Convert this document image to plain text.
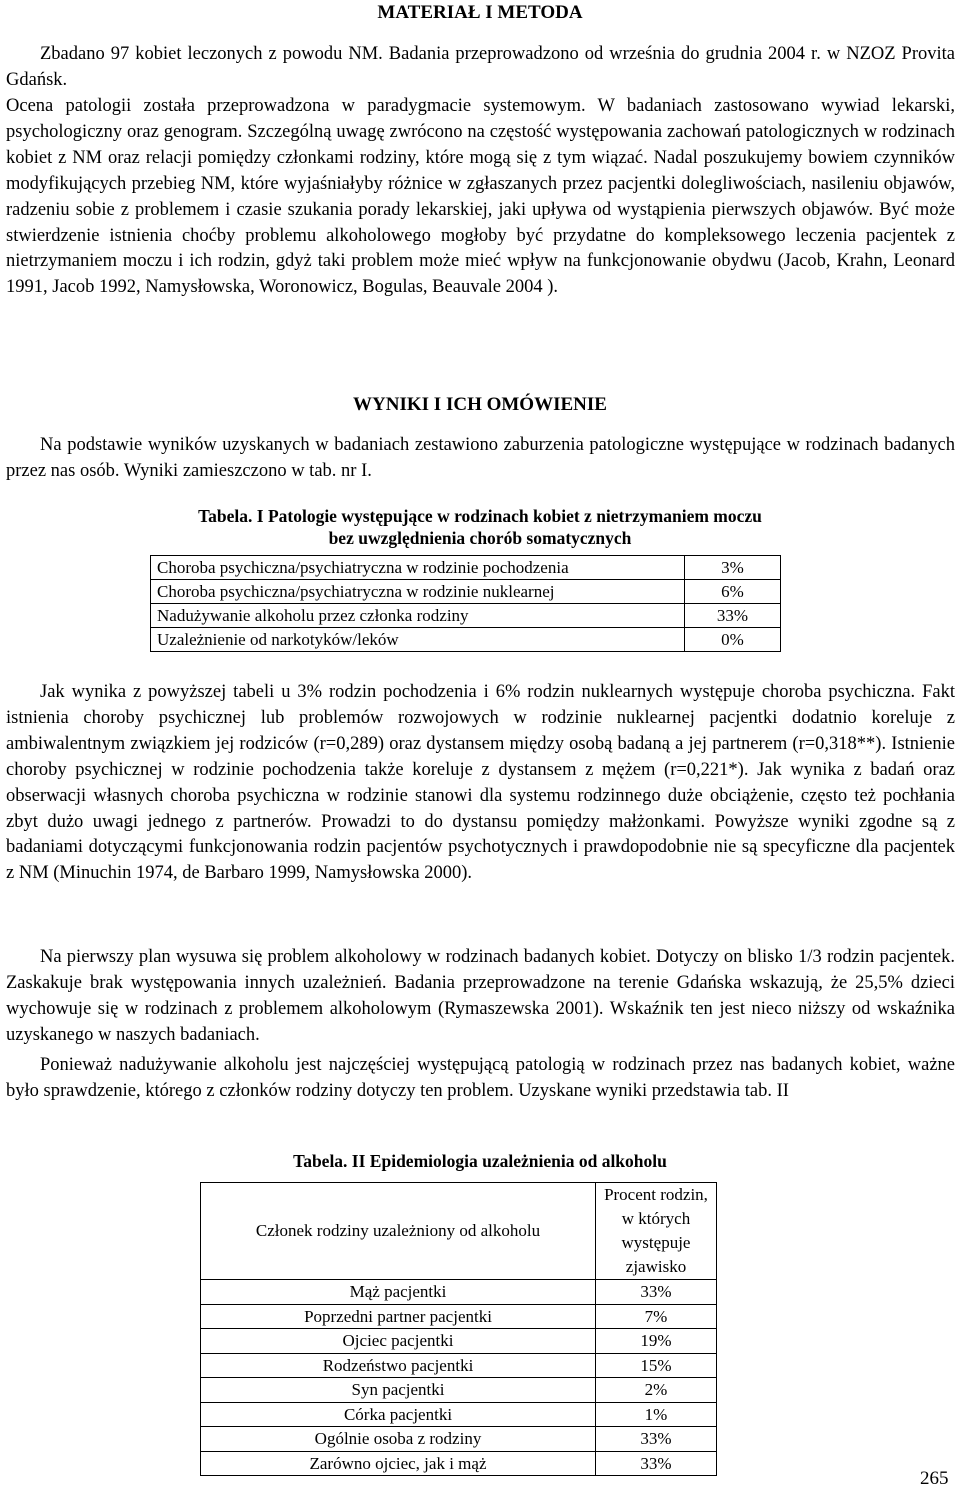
MATERIAŁ I METODA

Zbadano 97 kobiet leczonych z powodu NM. Badania przeprowadzono od września do grudnia 2004 r. w NZOZ Provita Gdańsk.

Ocena patologii została przeprowadzona w paradygmacie systemowym. W badaniach zastosowano wywiad lekarski, psychologiczny oraz genogram. Szczególną uwagę zwrócono na częstość występowania zachowań patologicznych w rodzinach kobiet z NM oraz relacji pomiędzy członkami rodziny, które mogą się z tym wiązać. Nadal poszukujemy bowiem czynników modyfikujących przebieg NM, które wyjaśniałyby różnice w zgłaszanych przez pacjentki dolegliwościach, nasileniu objawów, radzeniu sobie z problemem i czasie szukania porady lekarskiej, jaki upływa od wystąpienia pierwszych objawów. Być może stwierdzenie istnienia choćby problemu alkoholowego mogłoby być przydatne do kompleksowego leczenia pacjentek z nietrzymaniem moczu i ich rodzin, gdyż taki problem może mieć wpływ na funkcjonowanie obydwu (Jacob, Krahn, Leonard 1991, Jacob 1992, Namysłowska, Woronowicz, Bogulas, Beauvale 2004 ).

WYNIKI I ICH OMÓWIENIE

Na podstawie wyników uzyskanych w badaniach zestawiono zaburzenia patologiczne występujące w rodzinach badanych przez nas osób. Wyniki zamieszczono w tab. nr I.

Tabela. I Patologie występujące w rodzinach kobiet z nietrzymaniem moczu

bez uwzględnienia chorób somatycznych

Choroba psychiczna/psychiatryczna w rodzinie pochodzenia	3%
Choroba psychiczna/psychiatryczna w rodzinie nuklearnej	6%
Nadużywanie alkoholu przez członka rodziny	33%
Uzależnienie od narkotyków/leków	0%

Jak wynika z powyższej tabeli u 3% rodzin pochodzenia i 6% rodzin nuklearnych występuje choroba psychiczna. Fakt istnienia choroby psychicznej lub problemów rozwojowych w rodzinie nuklearnej pacjentki dodatnio koreluje z ambiwalentnym związkiem jej rodziców (r=0,289) oraz dystansem między osobą badaną a jej partnerem (r=0,318**). Istnienie choroby psychicznej w rodzinie pochodzenia także koreluje z dystansem z mężem (r=0,221*). Jak wynika z badań oraz obserwacji własnych choroba psychiczna w rodzinie stanowi dla systemu rodzinnego duże obciążenie, często też pochłania zbyt dużo uwagi jednego z partnerów. Prowadzi to do dystansu pomiędzy małżonkami. Powyższe wyniki zgodne są z badaniami dotyczącymi funkcjonowania rodzin pacjentów psychotycznych i prawdopodobnie nie są specyficzne dla pacjentek z NM (Minuchin 1974, de Barbaro 1999, Namysłowska 2000).

Na pierwszy plan wysuwa się problem alkoholowy w rodzinach badanych kobiet. Dotyczy on blisko 1/3 rodzin pacjentek. Zaskakuje brak występowania innych uzależnień. Badania przeprowadzone na terenie Gdańska wskazują, że 25,5% dzieci wychowuje się w rodzinach z problemem alkoholowym (Rymaszewska 2001). Wskaźnik ten jest nieco niższy od wskaźnika uzyskanego w naszych badaniach.

Ponieważ nadużywanie alkoholu jest najczęściej występującą patologią w rodzinach przez nas badanych kobiet, ważne było sprawdzenie, którego z członków rodziny dotyczy ten problem. Uzyskane wyniki przedstawia tab. II

Tabela. II Epidemiologia uzależnienia od alkoholu

Członek rodziny uzależniony od alkoholu	Procent rodzin,
w których
występuje zjawisko

Mąż pacjentki	33%
Poprzedni partner pacjentki	7%
Ojciec pacjentki	19%
Rodzeństwo pacjentki	15%
Syn pacjentki	2%
Córka pacjentki	1%
Ogólnie osoba z rodziny	33%
Zarówno ojciec, jak i mąż	33%

265
